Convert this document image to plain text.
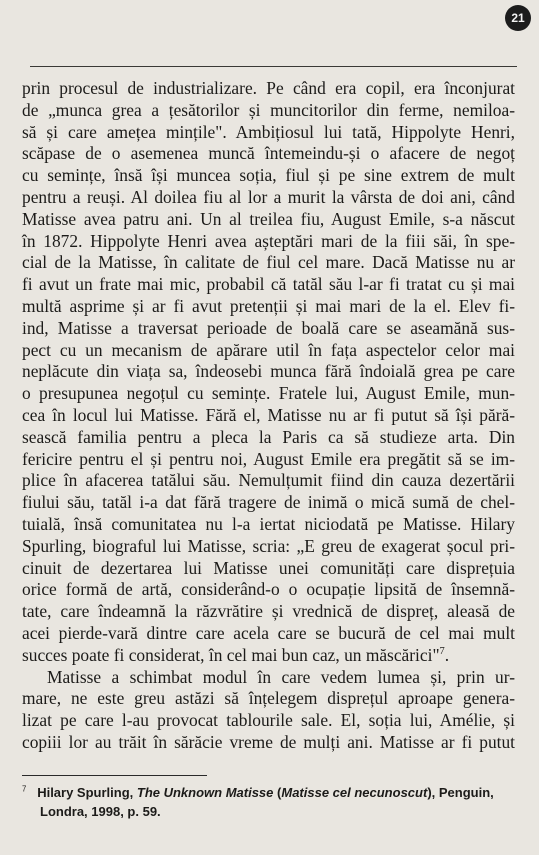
21
prin procesul de industrializare. Pe când era copil, era înconjurat
de „munca grea a țesătorilor și muncitorilor din ferme, nemiloa-
să și care amețea mințile". Ambițiosul lui tată, Hippolyte Henri,
scăpase de o asemenea muncă întemeindu-și o afacere de negoț
cu semințe, însă își muncea soția, fiul și pe sine extrem de mult
pentru a reuși. Al doilea fiu al lor a murit la vârsta de doi ani, când
Matisse avea patru ani. Un al treilea fiu, August Emile, s-a născut
în 1872. Hippolyte Henri avea așteptări mari de la fiii săi, în spe-
cial de la Matisse, în calitate de fiul cel mare. Dacă Matisse nu ar
fi avut un frate mai mic, probabil că tatăl său l-ar fi tratat cu și mai
multă asprime și ar fi avut pretenții și mai mari de la el. Elev fi-
ind, Matisse a traversat perioade de boală care se aseamănă sus-
pect cu un mecanism de apărare util în fața aspectelor celor mai
neplăcute din viața sa, îndeosebi munca fără îndoială grea pe care
o presupunea negoțul cu semințe. Fratele lui, August Emile, mun-
cea în locul lui Matisse. Fără el, Matisse nu ar fi putut să își pără-
sească familia pentru a pleca la Paris ca să studieze arta. Din
fericire pentru el și pentru noi, August Emile era pregătit să se im-
plice în afacerea tatălui său. Nemulțumit fiind din cauza dezertării
fiului său, tatăl i-a dat fără tragere de inimă o mică sumă de chel-
tuială, însă comunitatea nu l-a iertat niciodată pe Matisse. Hilary
Spurling, biograful lui Matisse, scria: „E greu de exagerat șocul pri-
cinuit de dezertarea lui Matisse unei comunități care disprețuia
orice formă de artă, considerând-o o ocupație lipsită de însemnă-
tate, care îndeamnă la răzvrătire și vrednică de dispreț, aleasă de
acei pierde-vară dintre care acela care se bucură de cel mai mult
succes poate fi considerat, în cel mai bun caz, un măscărici"$^7$.
Matisse a schimbat modul în care vedem lumea și, prin ur-
mare, ne este greu astăzi să înțelegem disprețul aproape genera-
lizat pe care l-au provocat tablourile sale. El, soția lui, Amélie, și
copiii lor au trăit în sărăcie vreme de mulți ani. Matisse ar fi putut
$^7$ Hilary Spurling, The Unknown Matisse (Matisse cel necunoscut), Penguin,
Londra, 1998, p. 59.
